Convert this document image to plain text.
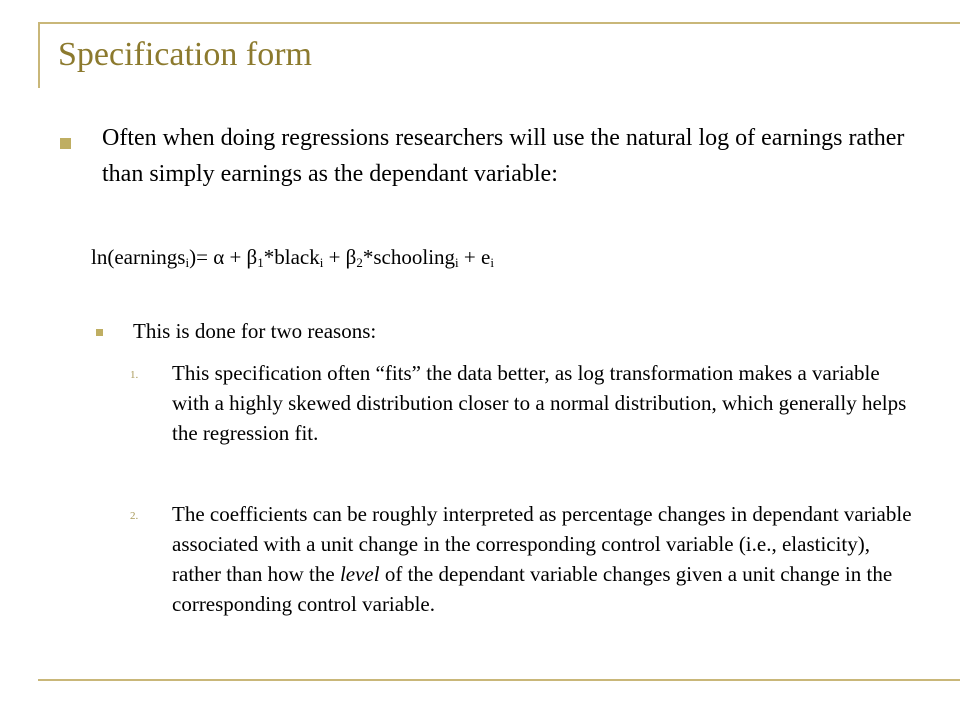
Specification form
Often when doing regressions researchers will use the natural log of earnings rather than simply earnings as the dependant variable:
ln(earnings$_i$)= $\alpha + \beta_1*black_i$ + $\beta_2*schooling_i + e_i$
This is done for two reasons:
1. This specification often “fits” the data better, as log transformation makes a variable with a highly skewed distribution closer to a normal distribution, which generally helps the regression fit.
2. The coefficients can be roughly interpreted as percentage changes in dependant variable associated with a unit change in the corresponding control variable (i.e., elasticity), rather than how the level of the dependant variable changes given a unit change in the corresponding control variable.
